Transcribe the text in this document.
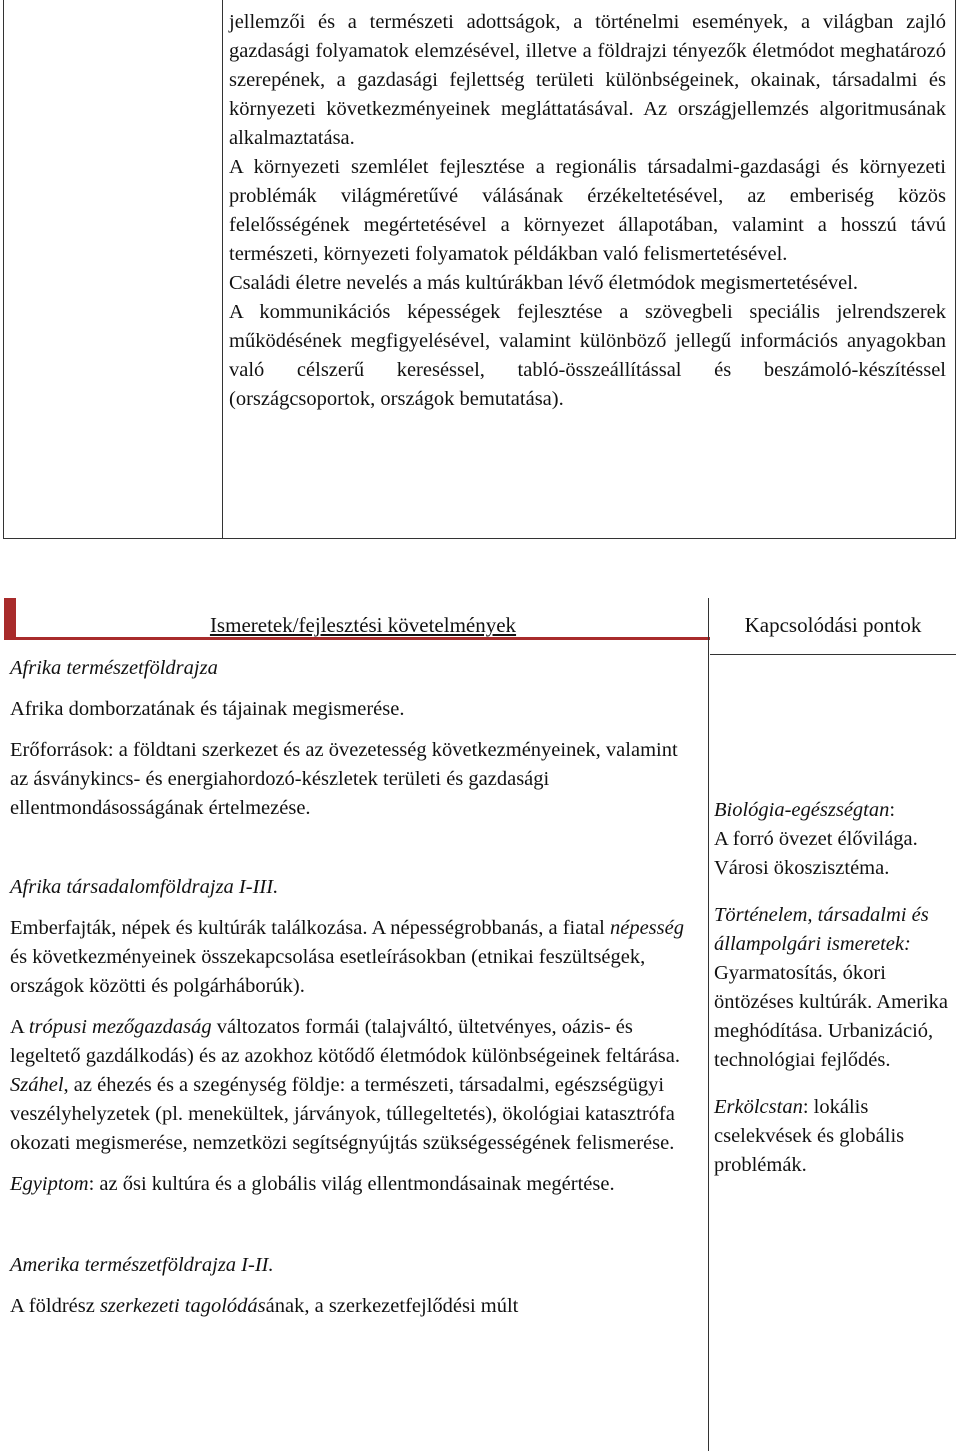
jellemzői és a természeti adottságok, a történelmi események, a világban zajló gazdasági folyamatok elemzésével, illetve a földrajzi tényezők életmódot meghatározó szerepének, a gazdasági fejlettség területi különbségeinek, okainak, társadalmi és környezeti következményeinek megláttatásával. Az országjellemzés algoritmusának alkalmaztatása.

A környezeti szemlélet fejlesztése a regionális társadalmi-gazdasági és környezeti problémák világméretűvé válásának érzékeltetésével, az emberiség közös felelősségének megértetésével a környezet állapotában, valamint a hosszú távú természeti, környezeti folyamatok példákban való felismertetésével.

Családi életre nevelés a más kultúrákban lévő életmódok megismertetésével.

A kommunikációs képességek fejlesztése a szövegbeli speciális jelrendszerek működésének megfigyelésével, valamint különböző jellegű információs anyagokban való célszerű kereséssel, tabló-összeállítással és beszámoló-készítéssel (országcsoportok, országok bemutatása).

Ismeretek/fejlesztési követelmények	Kapcsolódási pontok

Afrika természetföldrajza

Afrika domborzatának és tájainak megismerése.

Erőforrások: a földtani szerkezet és az övezetesség következményeinek, valamint az ásványkincs- és energiahordozó-készletek területi és gazdasági ellentmondásosságának értelmezése.

Afrika társadalomföldrajza I-III.

Emberfajták, népek és kultúrák találkozása. A népességrobbanás, a fiatal népesség és következményeinek összekapcsolása esetleírásokban (etnikai feszültségek, országok közötti és polgárháborúk).

A trópusi mezőgazdaság változatos formái (talajváltó, ültetvényes, oázis- és legeltető gazdálkodás) és az azokhoz kötődő életmódok különbségeinek feltárása. Száhel, az éhezés és a szegénység földje: a természeti, társadalmi, egészségügyi veszélyhelyzetek (pl. menekültek, járványok, túllegeltetés), ökológiai katasztrófa okozati megismerése, nemzetközi segítségnyújtás szükségességének felismerése.

Egyiptom: az ősi kultúra és a globális világ ellentmondásainak megértése.

Amerika természetföldrajza I-II.

A földrész szerkezeti tagolódásának, a szerkezetfejlődési múlt

Biológia-egészségtan:
A forró övezet élővilága. Városi ökoszisztéma.

Történelem, társadalmi és állampolgári ismeretek:
Gyarmatosítás, ókori öntözéses kultúrák. Amerika meghódítása. Urbanizáció, technológiai fejlődés.

Erkölcstan: lokális cselekvések és globális problémák.
